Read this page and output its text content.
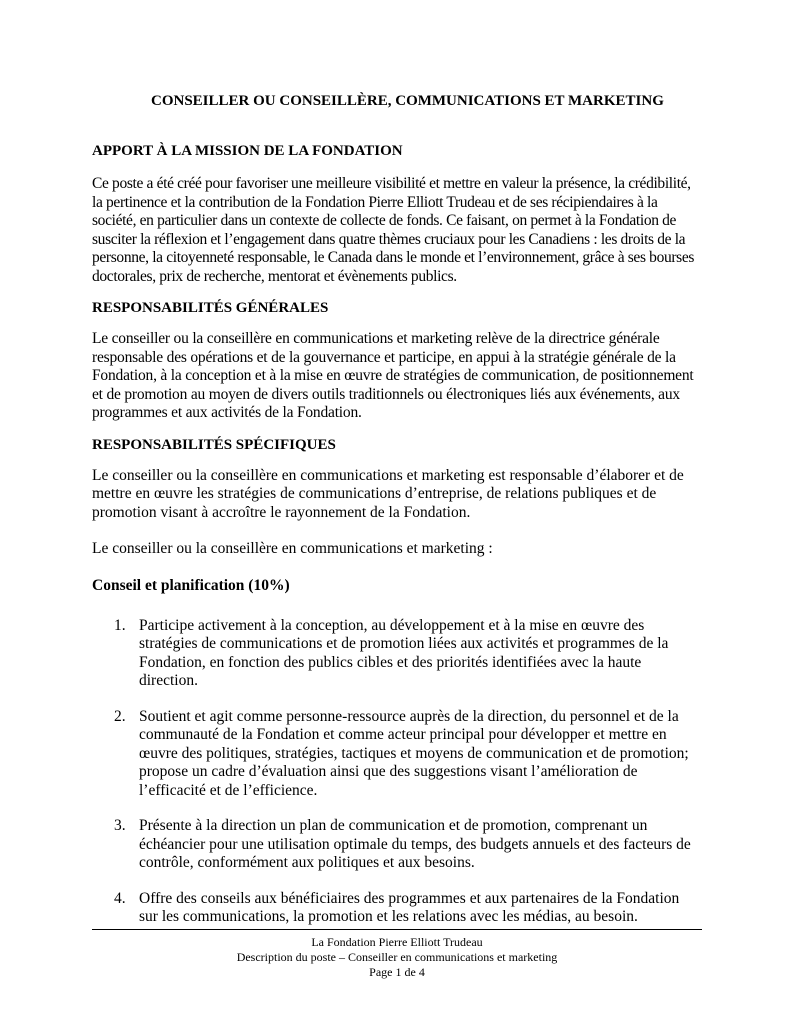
CONSEILLER OU CONSEILLÈRE, COMMUNICATIONS ET MARKETING
APPORT À LA MISSION DE LA FONDATION

Ce poste a été créé pour favoriser une meilleure visibilité et mettre en valeur la présence, la crédibilité, la pertinence et la contribution de la Fondation Pierre Elliott Trudeau et de ses récipiendaires à la société, en particulier dans un contexte de collecte de fonds. Ce faisant, on permet à la Fondation de susciter la réflexion et l’engagement dans quatre thèmes cruciaux pour les Canadiens : les droits de la personne, la citoyenneté responsable, le Canada dans le monde et l’environnement, grâce à ses bourses doctorales, prix de recherche, mentorat et évènements publics.

RESPONSABILITÉS GÉNÉRALES

Le conseiller ou la conseillère en communications et marketing relève de la directrice générale responsable des opérations et de la gouvernance et participe, en appui à la stratégie générale de la Fondation, à la conception et à la mise en œuvre de stratégies de communication, de positionnement et de promotion au moyen de divers outils traditionnels ou électroniques liés aux événements, aux programmes et aux activités de la Fondation.

RESPONSABILITÉS SPÉCIFIQUES

Le conseiller ou la conseillère en communications et marketing est responsable d’élaborer et de mettre en œuvre les stratégies de communications d’entreprise, de relations publiques et de promotion visant à accroître le rayonnement de la Fondation.

Le conseiller ou la conseillère en communications et marketing :

Conseil et planification (10%)
1. Participe activement à la conception, au développement et à la mise en œuvre des stratégies de communications et de promotion liées aux activités et programmes de la Fondation, en fonction des publics cibles et des priorités identifiées avec la haute direction.
2. Soutient et agit comme personne-ressource auprès de la direction, du personnel et de la communauté de la Fondation et comme acteur principal pour développer et mettre en œuvre des politiques, stratégies, tactiques et moyens de communication et de promotion; propose un cadre d’évaluation ainsi que des suggestions visant l’amélioration de l’efficacité et de l’efficience.
3. Présente à la direction un plan de communication et de promotion, comprenant un échéancier pour une utilisation optimale du temps, des budgets annuels et des facteurs de contrôle, conformément aux politiques et aux besoins.
4. Offre des conseils aux bénéficiaires des programmes et aux partenaires de la Fondation sur les communications, la promotion et les relations avec les médias, au besoin.
La Fondation Pierre Elliott Trudeau
Description du poste – Conseiller en communications et marketing
Page 1 de 4
